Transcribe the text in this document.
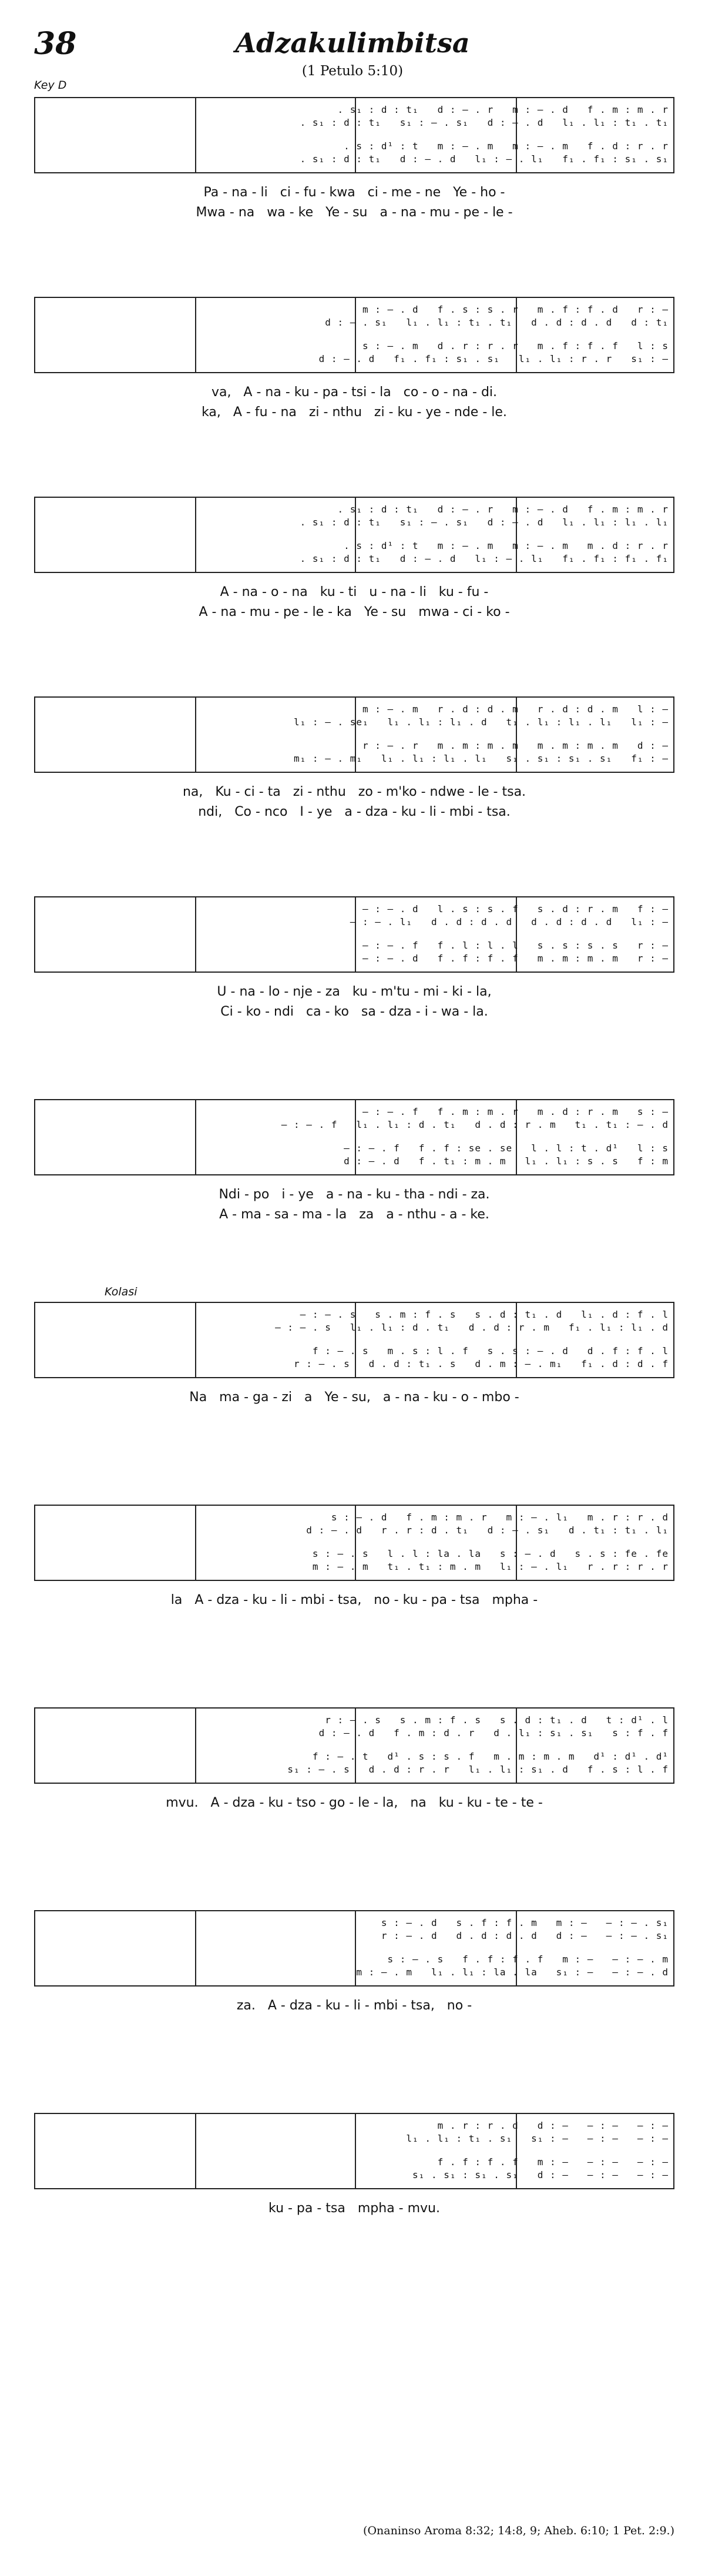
38	Adzakulimbitsa
(1 Petulo 5:10)
Key D
. s₁ : d : t₁   d : – . r   m : – . d   f . m : m . r
. s₁ : d : t₁   s₁ : – . s₁   d : – . d   l₁ . l₁ : t₁ . t₁
. s : d¹ : t   m : – . m   m : – . m   f . d : r . r
. s₁ : d : t₁   d : – . d   l₁ : – . l₁   f₁ . f₁ : s₁ . s₁
Pa - na - li   ci - fu - kwa   ci - me - ne   Ye - ho -
Mwa - na   wa - ke   Ye - su   a - na - mu - pe - le -
m : – . d   f . s : s . r   m . f : f . d   r : —
d : – . s₁   l₁ . l₁ : t₁ . t₁   d . d : d . d   d : t₁
s : – . m   d . r : r . r   m . f : f . f   l : s
d : – . d   f₁ . f₁ : s₁ . s₁   l₁ . l₁ : r . r   s₁ : —
va,   A - na - ku - pa - tsi - la   co - o - na - di.
ka,   A - fu - na   zi - nthu   zi - ku - ye - nde - le.
. s₁ : d : t₁   d : – . r   m : – . d   f . m : m . r
. s₁ : d : t₁   s₁ : – . s₁   d : – . d   l₁ . l₁ : l₁ . l₁
. s : d¹ : t   m : – . m   m : – . m   m . d : r . r
. s₁ : d : t₁   d : – . d   l₁ : – . l₁   f₁ . f₁ : f₁ . f₁
A - na - o - na   ku - ti   u - na - li   ku - fu -
A - na - mu - pe - le - ka   Ye - su   mwa - ci - ko -
m : – . m   r . d : d . m   r . d : d . m   l : —
l₁ : – . se₁   l₁ . l₁ : l₁ . d   t₁ . l₁ : l₁ . l₁   l₁ : —
r : – . r   m . m : m . m   m . m : m . m   d : —
m₁ : – . m₁   l₁ . l₁ : l₁ . l₁   s₁ . s₁ : s₁ . s₁   f₁ : —
na,   Ku - ci - ta   zi - nthu   zo - m'ko - ndwe - le - tsa.
ndi,   Co - nco   I - ye   a - dza - ku - li - mbi - tsa.
— : – . d   l . s : s . f   s . d : r . m   f : —
— : – . l₁   d . d : d . d   d . d : d . d   l₁ : —
— : – . f   f . l : l . l   s . s : s . s   r : —
— : – . d   f . f : f . f   m . m : m . m   r : —
U - na - lo - nje - za   ku - m'tu - mi - ki - la,
Ci - ko - ndi   ca - ko   sa - dza - i - wa - la.
— : – . f   f . m : m . r   m . d : r . m   s : —
— : – . f   l₁ . l₁ : d . t₁   d . d : r . m   t₁ . t₁ : – . d
— : – . f   f . f : se . se   l . l : t . d¹   l : s
d : – . d   f . t₁ : m . m   l₁ . l₁ : s . s   f : m
Ndi - po   i - ye   a - na - ku - tha - ndi - za.
A - ma - sa - ma - la   za   a - nthu - a - ke.
Kolasi
— : – . s   s . m : f . s   s . d : t₁ . d   l₁ . d : f . l
— : – . s   l₁ . l₁ : d . t₁   d . d : r . m   f₁ . l₁ : l₁ . d
f : – . s   m . s : l . f   s . s : – . d   d . f : f . l
r : – . s   d . d : t₁ . s   d . m : – . m₁   f₁ . d : d . f
Na   ma - ga - zi   a   Ye - su,   a - na - ku - o - mbo -
s : – . d   f . m : m . r   m : – . l₁   m . r : r . d
d : – . d   r . r : d . t₁   d : – . s₁   d . t₁ : t₁ . l₁
s : – . s   l . l : la . la   s : – . d   s . s : fe . fe
m : – . m   t₁ . t₁ : m . m   l₁ : – . l₁   r . r : r . r
la   A - dza - ku - li - mbi - tsa,   no - ku - pa - tsa   mpha -
r : – . s   s . m : f . s   s . d : t₁ . d   t : d¹ . l
d : – . d   f . m : d . r   d . l₁ : s₁ . s₁   s : f . f
f : – . t   d¹ . s : s . f   m . m : m . m   d¹ : d¹ . d¹
s₁ : – . s   d . d : r . r   l₁ . l₁ : s₁ . d   f . s : l . f
mvu.   A - dza - ku - tso - go - le - la,   na   ku - ku - te - te -
s : – . d   s . f : f . m   m : —   — : – . s₁
r : – . d   d . d : d . d   d : —   — : – . s₁
s : – . s   f . f : f . f   m : —   — : – . m
m : – . m   l₁ . l₁ : la . la   s₁ : —   — : – . d
za.   A - dza - ku - li - mbi - tsa,   no -
m . r : r . d   d : —   — : —   — : —
l₁ . l₁ : t₁ . s₁   s₁ : —   — : —   — : —
f . f : f . f   m : —   — : —   — : —
s₁ . s₁ : s₁ . s₁   d : —   — : —   — : —
ku - pa - tsa   mpha - mvu.
(Onaninso Aroma 8:32; 14:8, 9; Aheb. 6:10; 1 Pet. 2:9.)
